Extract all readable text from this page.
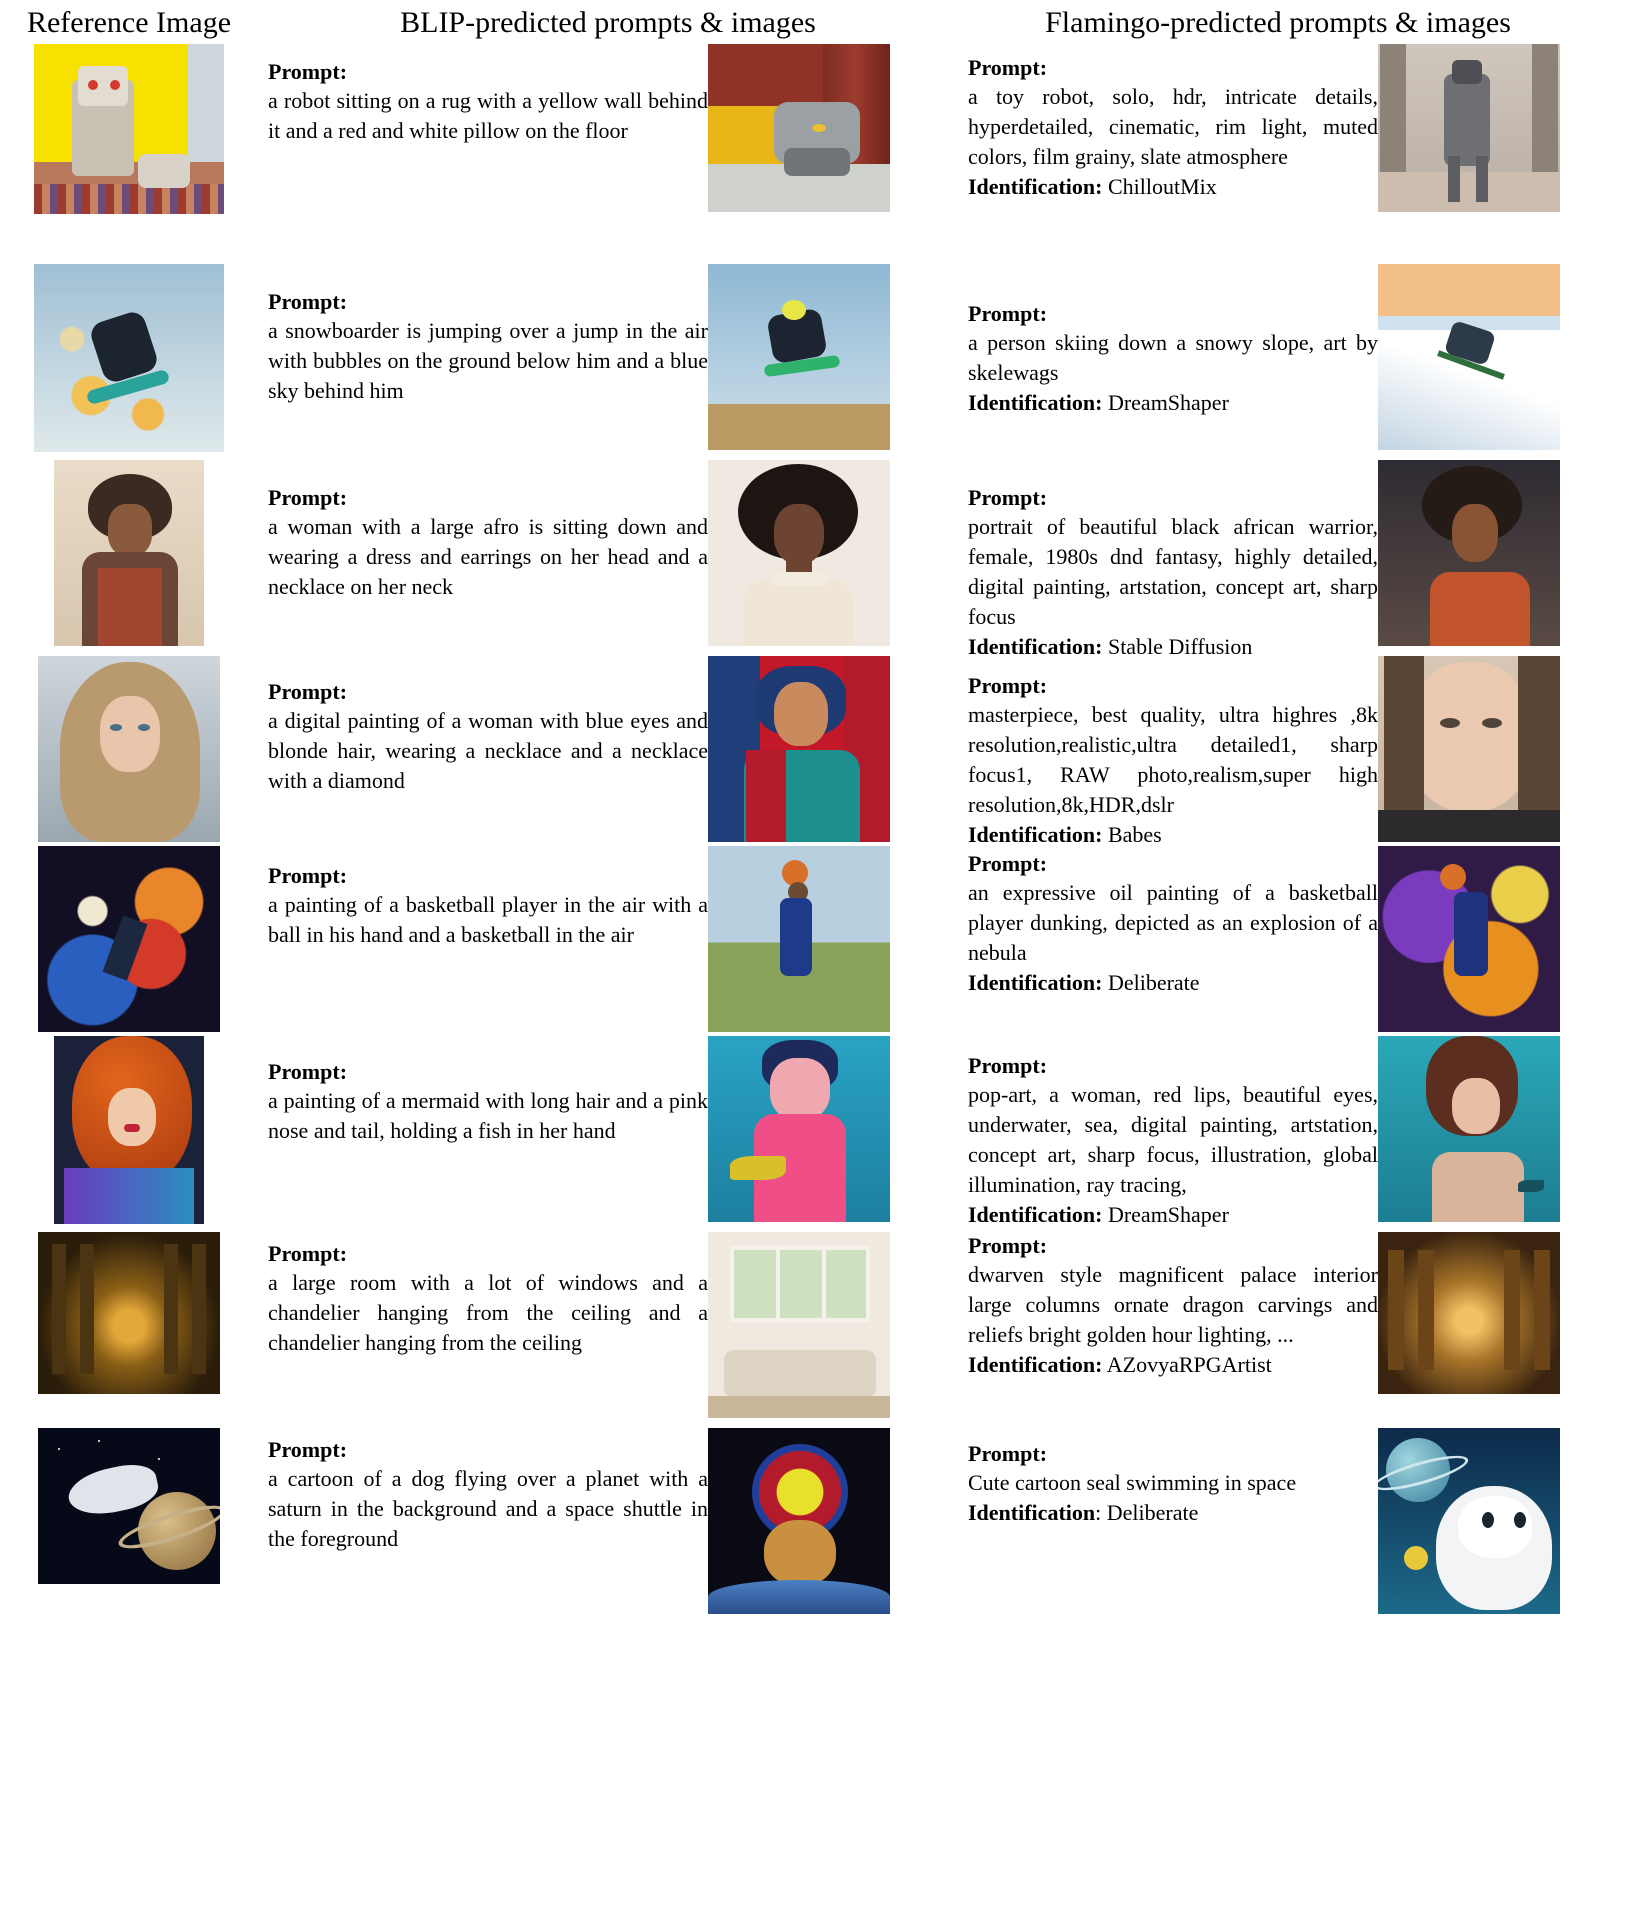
Reference Image	BLIP-predicted prompts & images	Flamingo-predicted prompts & images
Prompt:
a robot sitting on a rug with a yellow wall behind it and a red and white pillow on the floor
Prompt:
a toy robot, solo, hdr, intricate details, hyperdetailed, cinematic, rim light, muted colors, film grainy, slate atmosphere
Identification: ChilloutMix
Prompt:
a snowboarder is jumping over a jump in the air with bubbles on the ground below him and a blue sky behind him
Prompt:
a person skiing down a snowy slope, art by skelewags
Identification: DreamShaper
Prompt:
a woman with a large afro is sitting down and wearing a dress and earrings on her head and a necklace on her neck
Prompt:
portrait of beautiful black african warrior, female, 1980s dnd fantasy, highly detailed, digital painting, artstation, concept art, sharp focus
Identification: Stable Diffusion
Prompt:
a digital painting of a woman with blue eyes and blonde hair, wearing a necklace and a necklace with a diamond
Prompt:
masterpiece, best quality, ultra highres ,8k resolution,realistic,ultra detailed1, sharp focus1, RAW photo,realism,super high resolution,8k,HDR,dslr
Identification: Babes
Prompt:
a painting of a basketball player in the air with a ball in his hand and a basketball in the air
Prompt:
an expressive oil painting of a basketball player dunking, depicted as an explosion of a nebula
Identification: Deliberate
Prompt:
a painting of a mermaid with long hair and a pink nose and tail, holding a fish in her hand
Prompt:
pop-art, a woman, red lips, beautiful eyes, underwater, sea, digital painting, artstation, concept art, sharp focus, illustration, global illumination, ray tracing,
Identification: DreamShaper
Prompt:
a large room with a lot of windows and a chandelier hanging from the ceiling and a chandelier hanging from the ceiling
Prompt:
dwarven style magnificent palace interior large columns ornate dragon carvings and reliefs bright golden hour lighting, ...
Identification: AZovyaRPGArtist
Prompt:
a cartoon of a dog flying over a planet with a saturn in the background and a space shuttle in the foreground
Prompt:
Cute cartoon seal swimming in space
Identification: Deliberate
